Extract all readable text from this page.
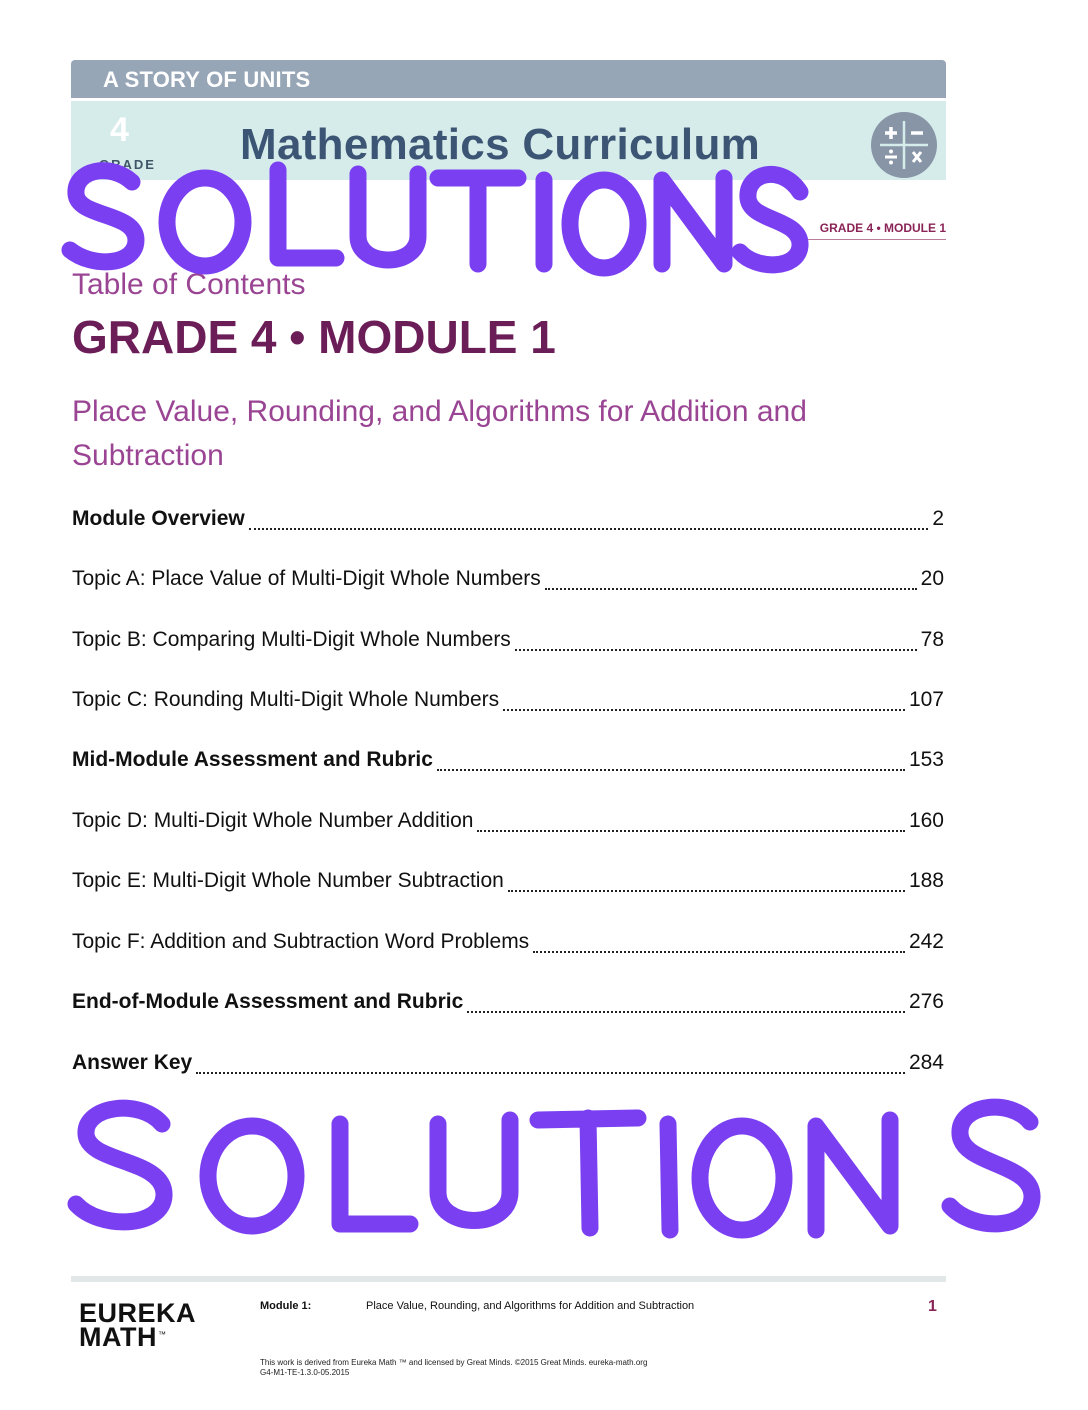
A STORY OF UNITS
4
GRADE Mathematics Curriculum
GRADE 4 • MODULE 1
Table of Contents
GRADE 4 • MODULE 1
Place Value, Rounding, and Algorithms for Addition and Subtraction
Module Overview	2
Topic A: Place Value of Multi-Digit Whole Numbers	20
Topic B: Comparing Multi-Digit Whole Numbers	78
Topic C: Rounding Multi-Digit Whole Numbers	107
Mid-Module Assessment and Rubric	153
Topic D: Multi-Digit Whole Number Addition	160
Topic E: Multi-Digit Whole Number Subtraction	188
Topic F: Addition and Subtraction Word Problems	242
End-of-Module Assessment and Rubric	276
Answer Key	284
EUREKA
MATH ™
Module 1:	Place Value, Rounding, and Algorithms for Addition and Subtraction	1
This work is derived from Eureka Math ™ and licensed by Great Minds. ©2015 Great Minds. eureka-math.org
G4-M1-TE-1.3.0-05.2015
